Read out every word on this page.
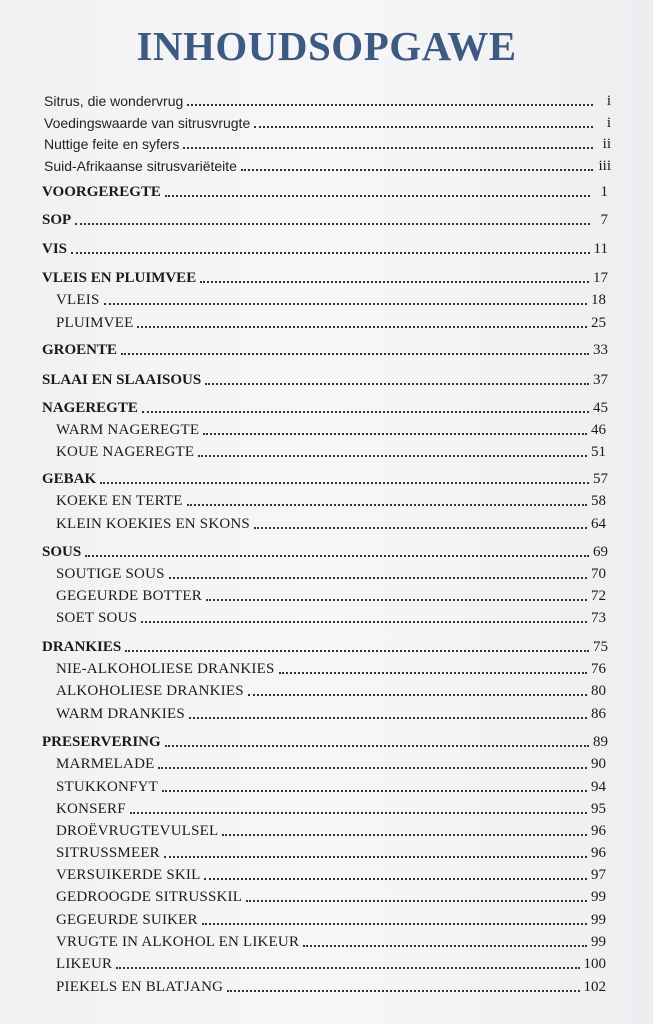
INHOUDSOPGAWE
Sitrus, die wondervrug	i
Voedingswaarde van sitrusvrugte	i
Nuttige feite en syfers	ii
Suid-Afrikaanse sitrusvariëteite	iii
VOORGEREGTE	1
SOP	7
VIS	11
VLEIS EN PLUIMVEE	17
VLEIS	18
PLUIMVEE	25
GROENTE	33
SLAAI EN SLAAISOUS	37
NAGEREGTE	45
WARM NAGEREGTE	46
KOUE NAGEREGTE	51
GEBAK	57
KOEKE EN TERTE	58
KLEIN KOEKIES EN SKONS	64
SOUS	69
SOUTIGE SOUS	70
GEGEURDE BOTTER	72
SOET SOUS	73
DRANKIES	75
NIE-ALKOHOLIESE DRANKIES	76
ALKOHOLIESE DRANKIES	80
WARM DRANKIES	86
PRESERVERING	89
MARMELADE	90
STUKKONFYT	94
KONSERF	95
DROËVRUGTEVULSEL	96
SITRUSSMEER	96
VERSUIKERDE SKIL	97
GEDROOGDE SITRUSSKIL	99
GEGEURDE SUIKER	99
VRUGTE IN ALKOHOL EN LIKEUR	99
LIKEUR	100
PIEKELS EN BLATJANG	102
